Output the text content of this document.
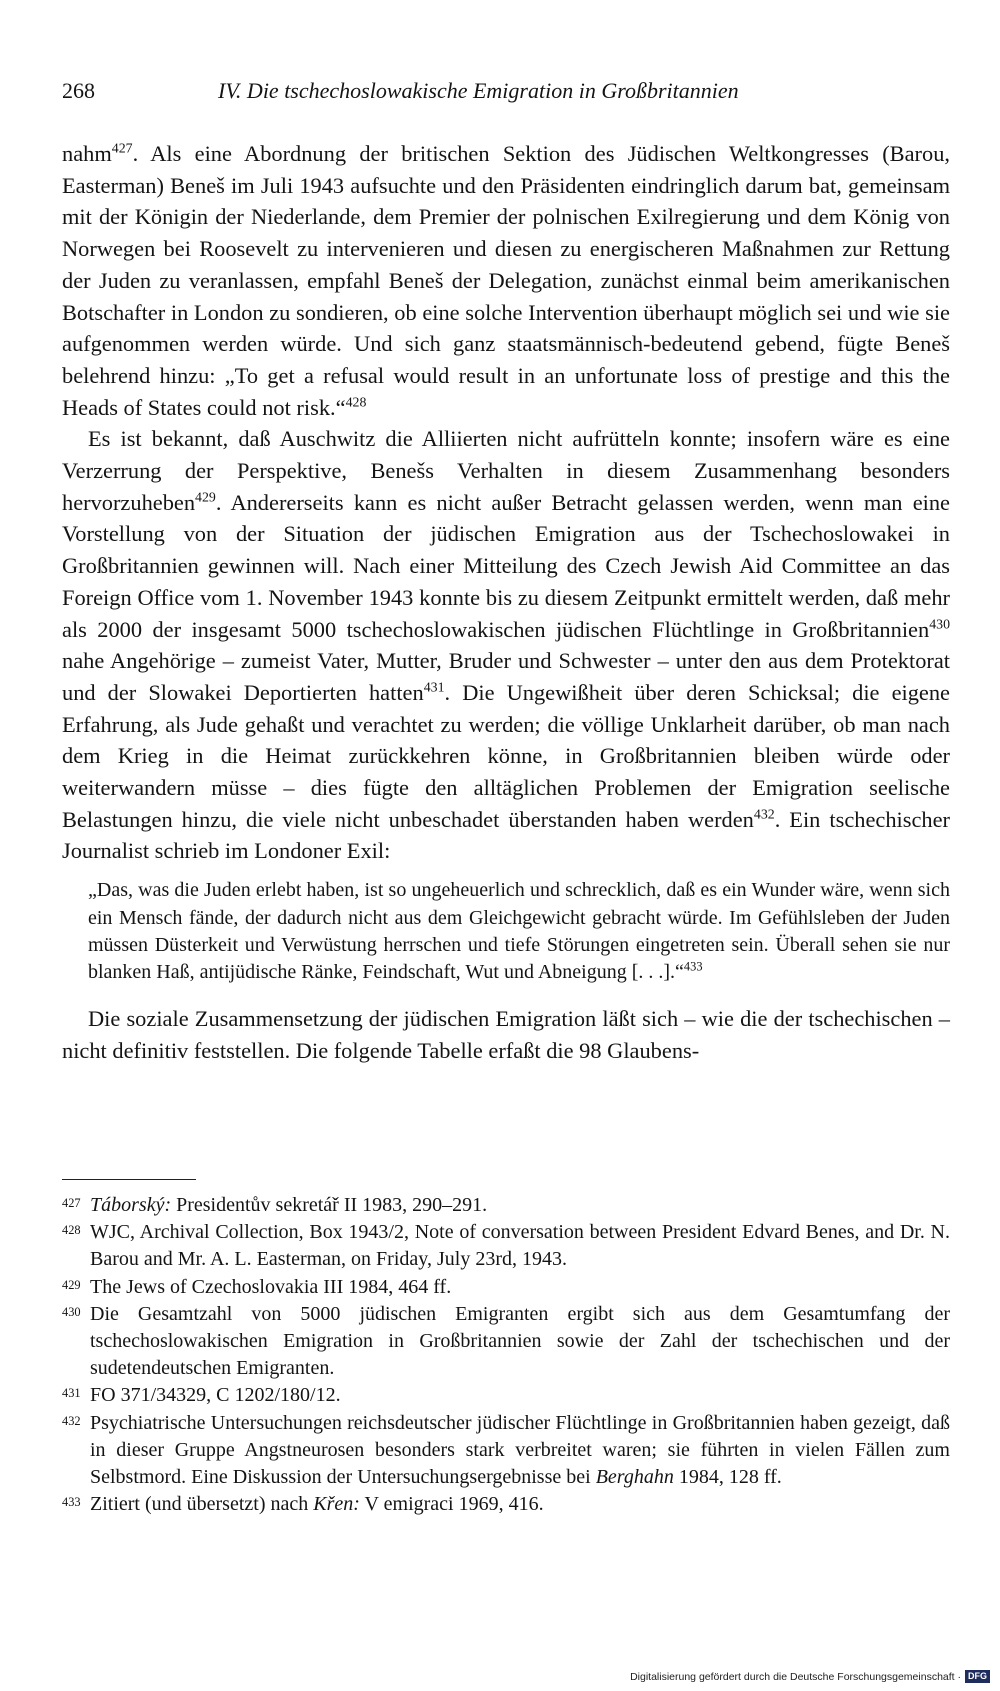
268	IV. Die tschechoslowakische Emigration in Großbritannien

nahm$^{427}$. Als eine Abordnung der britischen Sektion des Jüdischen Weltkongresses (Barou, Easterman) Beneš im Juli 1943 aufsuchte und den Präsidenten eindringlich darum bat, gemeinsam mit der Königin der Niederlande, dem Premier der polnischen Exilregierung und dem König von Norwegen bei Roosevelt zu intervenieren und diesen zu energischeren Maßnahmen zur Rettung der Juden zu veranlassen, empfahl Beneš der Delegation, zunächst einmal beim amerikanischen Botschafter in London zu sondieren, ob eine solche Intervention überhaupt möglich sei und wie sie aufgenommen werden würde. Und sich ganz staatsmännisch-bedeutend gebend, fügte Beneš belehrend hinzu: „To get a refusal would result in an unfortunate loss of prestige and this the Heads of States could not risk.“$^{428}$

Es ist bekannt, daß Auschwitz die Alliierten nicht aufrütteln konnte; insofern wäre es eine Verzerrung der Perspektive, Benešs Verhalten in diesem Zusammenhang besonders hervorzuheben$^{429}$. Andererseits kann es nicht außer Betracht gelassen werden, wenn man eine Vorstellung von der Situation der jüdischen Emigration aus der Tschechoslowakei in Großbritannien gewinnen will. Nach einer Mitteilung des Czech Jewish Aid Committee an das Foreign Office vom 1. November 1943 konnte bis zu diesem Zeitpunkt ermittelt werden, daß mehr als 2000 der insgesamt 5000 tschechoslowakischen jüdischen Flüchtlinge in Großbritannien$^{430}$ nahe Angehörige – zumeist Vater, Mutter, Bruder und Schwester – unter den aus dem Protektorat und der Slowakei Deportierten hatten$^{431}$. Die Ungewißheit über deren Schicksal; die eigene Erfahrung, als Jude gehaßt und verachtet zu werden; die völlige Unklarheit darüber, ob man nach dem Krieg in die Heimat zurückkehren könne, in Großbritannien bleiben würde oder weiterwandern müsse – dies fügte den alltäglichen Problemen der Emigration seelische Belastungen hinzu, die viele nicht unbeschadet überstanden haben werden$^{432}$. Ein tschechischer Journalist schrieb im Londoner Exil:

„Das, was die Juden erlebt haben, ist so ungeheuerlich und schrecklich, daß es ein Wunder wäre, wenn sich ein Mensch fände, der dadurch nicht aus dem Gleichgewicht gebracht würde. Im Gefühlsleben der Juden müssen Düsterkeit und Verwüstung herrschen und tiefe Störungen eingetreten sein. Überall sehen sie nur blanken Haß, antijüdische Ränke, Feindschaft, Wut und Abneigung [. . .].“$^{433}$

Die soziale Zusammensetzung der jüdischen Emigration läßt sich – wie die der tschechischen – nicht definitiv feststellen. Die folgende Tabelle erfaßt die 98 Glaubens-

427 Táborský: Presidentův sekretář II 1983, 290–291.
428 WJC, Archival Collection, Box 1943/2, Note of conversation between President Edvard Benes, and Dr. N. Barou and Mr. A. L. Easterman, on Friday, July 23rd, 1943.
429 The Jews of Czechoslovakia III 1984, 464 ff.
430 Die Gesamtzahl von 5000 jüdischen Emigranten ergibt sich aus dem Gesamtumfang der tschechoslowakischen Emigration in Großbritannien sowie der Zahl der tschechischen und der sudetendeutschen Emigranten.
431 FO 371/34329, C 1202/180/12.
432 Psychiatrische Untersuchungen reichsdeutscher jüdischer Flüchtlinge in Großbritannien haben gezeigt, daß in dieser Gruppe Angstneurosen besonders stark verbreitet waren; sie führten in vielen Fällen zum Selbstmord. Eine Diskussion der Untersuchungsergebnisse bei Berghahn 1984, 128 ff.
433 Zitiert (und übersetzt) nach Křen: V emigraci 1969, 416.
Digitalisierung gefördert durch die Deutsche Forschungsgemeinschaft · DFG
